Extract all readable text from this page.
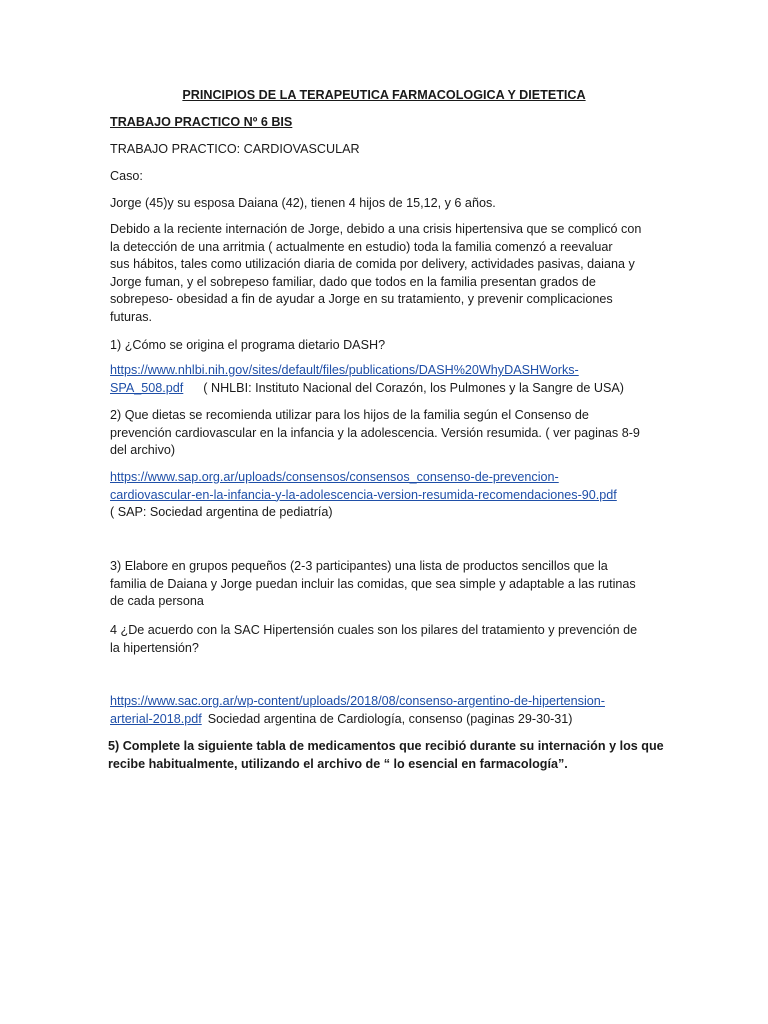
PRINCIPIOS DE LA TERAPEUTICA FARMACOLOGICA Y DIETETICA
TRABAJO PRACTICO Nº 6 BIS
TRABAJO PRACTICO: CARDIOVASCULAR
Caso:
Jorge (45)y su esposa Daiana (42), tienen 4 hijos de 15,12, y 6 años.
Debido a la reciente internación de Jorge, debido a una crisis hipertensiva que se complicó con
la detección de una arritmia ( actualmente en estudio) toda la familia comenzó a reevaluar
sus hábitos, tales como utilización diaria de comida por delivery, actividades pasivas, daiana y
Jorge fuman, y el sobrepeso familiar, dado que todos en la familia presentan grados de
sobrepeso- obesidad a fin de ayudar a Jorge en su tratamiento, y prevenir complicaciones
futuras.
1) ¿Cómo se origina el programa dietario DASH?
https://www.nhlbi.nih.gov/sites/default/files/publications/DASH%20WhyDASHWorks-
SPA_508.pdf ( NHLBI: Instituto Nacional del Corazón, los Pulmones y la Sangre de USA)
2) Que dietas se recomienda utilizar para los hijos de la familia según el Consenso de
prevención cardiovascular en la infancia y la adolescencia. Versión resumida. ( ver paginas 8-9
del archivo)
https://www.sap.org.ar/uploads/consensos/consensos_consenso-de-prevencion-
cardiovascular-en-la-infancia-y-la-adolescencia-version-resumida-recomendaciones-90.pdf
( SAP: Sociedad argentina de pediatría)
3) Elabore en grupos pequeños (2-3 participantes) una lista de productos sencillos que la
familia de Daiana y Jorge puedan incluir las comidas, que sea simple y adaptable a las rutinas
de cada persona
4 ¿De acuerdo con la SAC Hipertensión cuales son los pilares del tratamiento y prevención de
la hipertensión?
https://www.sac.org.ar/wp-content/uploads/2018/08/consenso-argentino-de-hipertension-
arterial-2018.pdf Sociedad argentina de Cardiología, consenso (paginas 29-30-31)
5) Complete la siguiente tabla de medicamentos que recibió durante su internación y los que
recibe habitualmente, utilizando el archivo de “ lo esencial en farmacología”.
